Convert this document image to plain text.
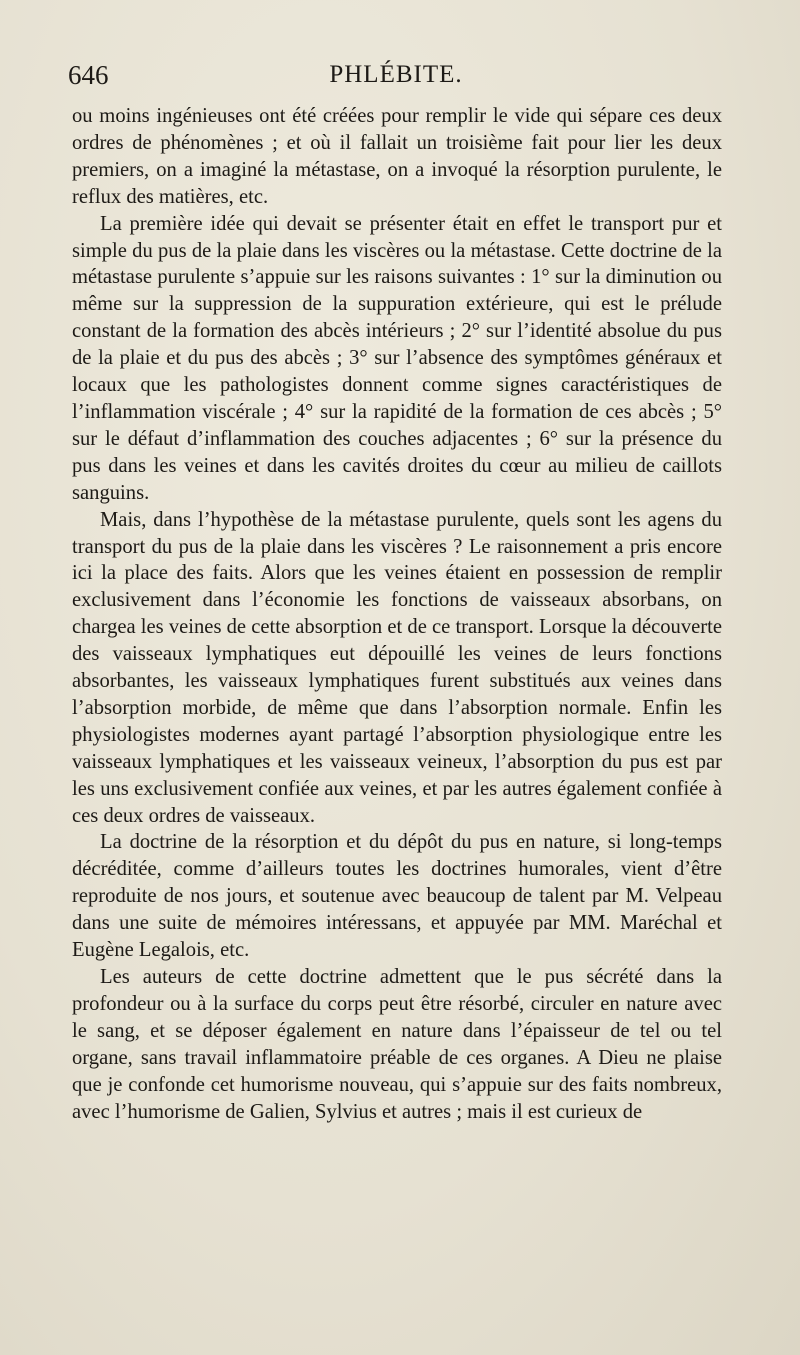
646	PHLÉBITE.

ou moins ingénieuses ont été créées pour remplir le vide qui sépare ces deux ordres de phénomènes ; et où il fallait un troisième fait pour lier les deux premiers, on a imaginé la métastase, on a invoqué la résorption purulente, le reflux des matières, etc.

La première idée qui devait se présenter était en effet le transport pur et simple du pus de la plaie dans les viscères ou la métastase. Cette doctrine de la métastase purulente s’appuie sur les raisons suivantes : 1° sur la diminution ou même sur la suppression de la suppuration extérieure, qui est le prélude constant de la formation des abcès intérieurs ; 2° sur l’identité absolue du pus de la plaie et du pus des abcès ; 3° sur l’absence des symptômes généraux et locaux que les pathologistes donnent comme signes caractéristiques de l’inflammation viscérale ; 4° sur la rapidité de la formation de ces abcès ; 5° sur le défaut d’inflammation des couches adjacentes ; 6° sur la présence du pus dans les veines et dans les cavités droites du cœur au milieu de caillots sanguins.

Mais, dans l’hypothèse de la métastase purulente, quels sont les agens du transport du pus de la plaie dans les viscères ? Le raisonnement a pris encore ici la place des faits. Alors que les veines étaient en possession de remplir exclusivement dans l’économie les fonctions de vaisseaux absorbans, on chargea les veines de cette absorption et de ce transport. Lorsque la découverte des vaisseaux lymphatiques eut dépouillé les veines de leurs fonctions absorbantes, les vaisseaux lymphatiques furent substitués aux veines dans l’absorption morbide, de même que dans l’absorption normale. Enfin les physiologistes modernes ayant partagé l’absorption physiologique entre les vaisseaux lymphatiques et les vaisseaux veineux, l’absorption du pus est par les uns exclusivement confiée aux veines, et par les autres également confiée à ces deux ordres de vaisseaux.

La doctrine de la résorption et du dépôt du pus en nature, si long-temps décréditée, comme d’ailleurs toutes les doctrines humorales, vient d’être reproduite de nos jours, et soutenue avec beaucoup de talent par M. Velpeau dans une suite de mémoires intéressans, et appuyée par MM. Maréchal et Eugène Legalois, etc.

Les auteurs de cette doctrine admettent que le pus sécrété dans la profondeur ou à la surface du corps peut être résorbé, circuler en nature avec le sang, et se déposer également en nature dans l’épaisseur de tel ou tel organe, sans travail inflammatoire préable de ces organes. A Dieu ne plaise que je confonde cet humorisme nouveau, qui s’appuie sur des faits nombreux, avec l’humorisme de Galien, Sylvius et autres ; mais il est curieux de
